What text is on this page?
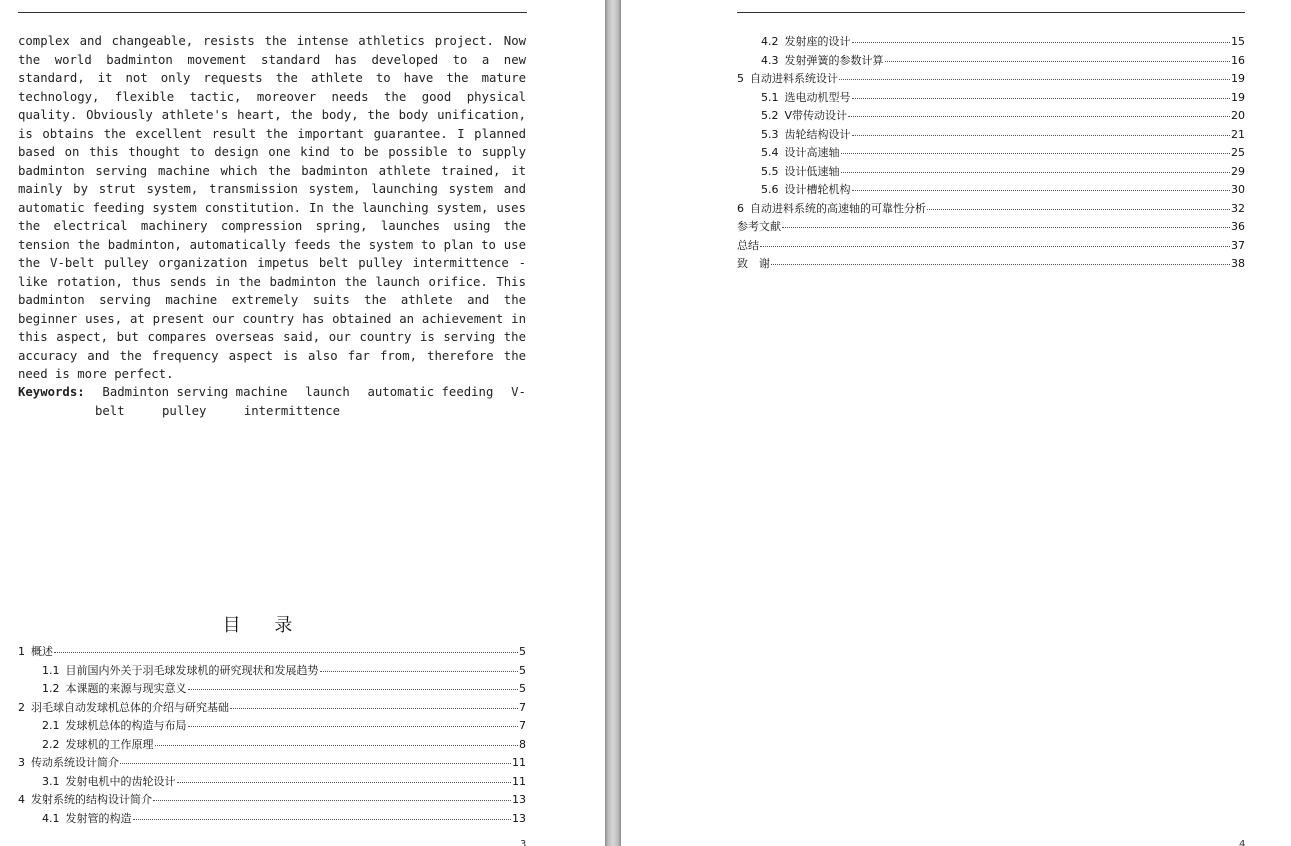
complex and changeable, resists the intense athletics project. Now the world badminton movement standard has developed to a new standard, it not only requests the athlete to have the mature technology, flexible tactic, moreover needs the good physical quality. Obviously athlete's heart, the body, the body unification, is obtains the excellent result the important guarantee. I planned based on this thought to design one kind to be possible to supply badminton serving machine which the badminton athlete trained, it mainly by strut system, transmission system, launching system and automatic feeding system constitution. In the launching system, uses the electrical machinery compression spring, launches using the tension the badminton, automatically feeds the system to plan to use the V-belt pulley organization impetus belt pulley intermittence -like rotation, thus sends in the badminton the launch orifice. This badminton serving machine extremely suits the athlete and the beginner uses, at present our country has obtained an achievement in this aspect, but compares overseas said, our country is serving the accuracy and the frequency aspect is also far from, therefore the need is more perfect.

Keywords: Badminton serving machine launch automatic feeding V-
belt pulley intermittence
目 录
1 概述	5
1.1 目前国内外关于羽毛球发球机的研究现状和发展趋势	5
1.2 本课题的来源与现实意义	5
2 羽毛球自动发球机总体的介绍与研究基础	7
2.1 发球机总体的构造与布局	7
2.2 发球机的工作原理	8
3 传动系统设计简介	11
3.1 发射电机中的齿轮设计	11
4 发射系统的结构设计简介	13
4.1 发射管的构造	13
3
4.2 发射座的设计	15
4.3 发射弹簧的参数计算	16
5 自动进料系统设计	19
5.1 选电动机型号	19
5.2 V带传动设计	20
5.3 齿轮结构设计	21
5.4 设计高速轴	25
5.5 设计低速轴	29
5.6 设计槽轮机构	30
6 自动进料系统的高速轴的可靠性分析	32
参考文献	36
总结	37
致　谢	38
4
